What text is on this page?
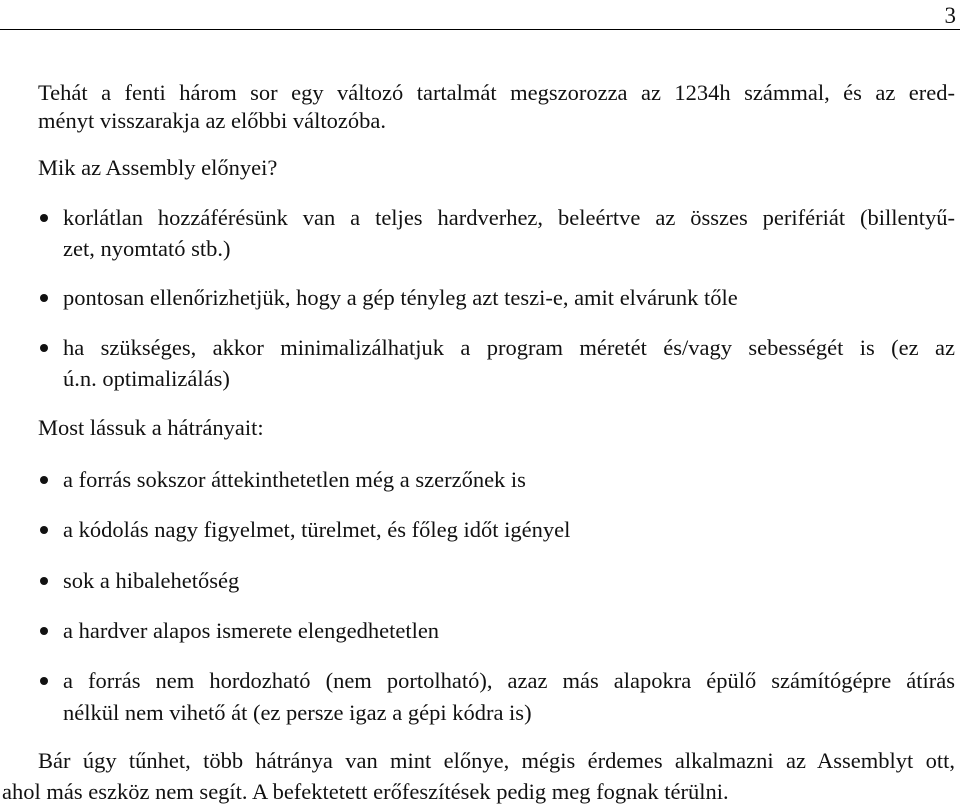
3
Tehát a fenti három sor egy változó tartalmát megszorozza az 1234h számmal, és az ered-
ményt visszarakja az előbbi változóba.
Mik az Assembly előnyei?
korlátlan hozzáférésünk van a teljes hardverhez, beleértve az összes perifériát (billentyű-
zet, nyomtató stb.)
pontosan ellenőrizhetjük, hogy a gép tényleg azt teszi-e, amit elvárunk tőle
ha szükséges, akkor minimalizálhatjuk a program méretét és/vagy sebességét is (ez az
ú.n. optimalizálás)
Most lássuk a hátrányait:
a forrás sokszor áttekinthetetlen még a szerzőnek is
a kódolás nagy figyelmet, türelmet, és főleg időt igényel
sok a hibalehetőség
a hardver alapos ismerete elengedhetetlen
a forrás nem hordozható (nem portolható), azaz más alapokra épülő számítógépre átírás
nélkül nem vihető át (ez persze igaz a gépi kódra is)
Bár úgy tűnhet, több hátránya van mint előnye, mégis érdemes alkalmazni az Assemblyt ott,
ahol más eszköz nem segít. A befektetett erőfeszítések pedig meg fognak térülni.
